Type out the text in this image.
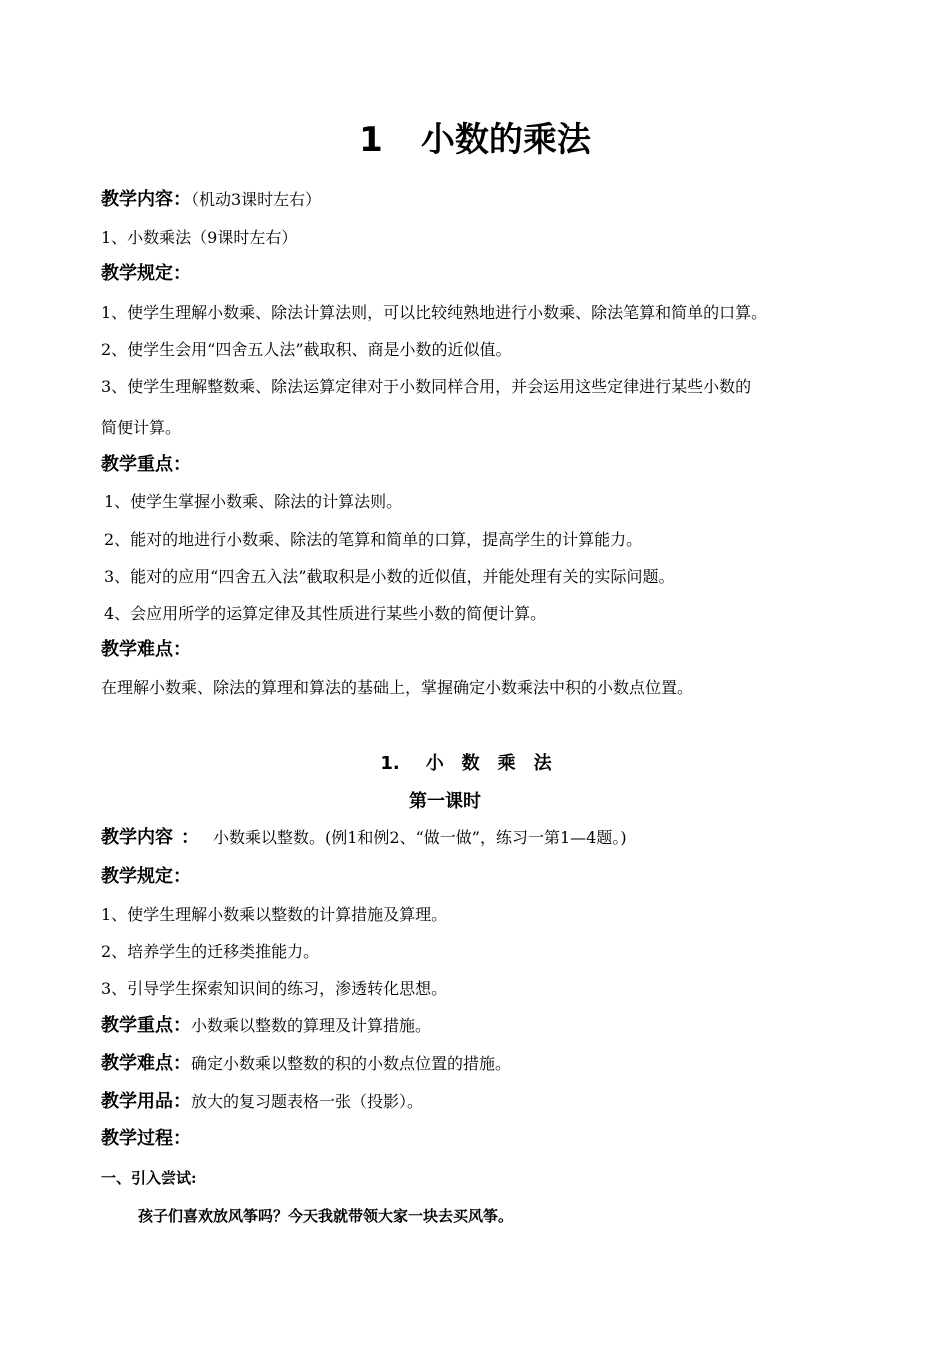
1 小数的乘法
教学内容：（机动3课时左右）
1、小数乘法（9课时左右）
教学规定：
1、使学生理解小数乘、除法计算法则，可以比较纯熟地进行小数乘、除法笔算和简单的口算。
2、使学生会用“四舍五人法”截取积、商是小数的近似值。
3、使学生理解整数乘、除法运算定律对于小数同样合用，并会运用这些定律进行某些小数的
简便计算。
教学重点：
1、使学生掌握小数乘、除法的计算法则。
2、能对的地进行小数乘、除法的笔算和简单的口算，提高学生的计算能力。
3、能对的应用“四舍五入法”截取积是小数的近似值，并能处理有关的实际问题。
4、会应用所学的运算定律及其性质进行某些小数的简便计算。
教学难点：
在理解小数乘、除法的算理和算法的基础上，掌握确定小数乘法中积的小数点位置。
1. 小数乘法
第一课时
教学内容 ： 小数乘以整数。(例1和例2、“做一做”，练习一第1—4题。)
教学规定：
1、使学生理解小数乘以整数的计算措施及算理。
2、培养学生的迁移类推能力。
3、引导学生探索知识间的练习，渗透转化思想。
教学重点：小数乘以整数的算理及计算措施。
教学难点：确定小数乘以整数的积的小数点位置的措施。
教学用品：放大的复习题表格一张（投影）。
教学过程：
一、引入尝试:
孩子们喜欢放风筝吗？今天我就带领大家一块去买风筝。
